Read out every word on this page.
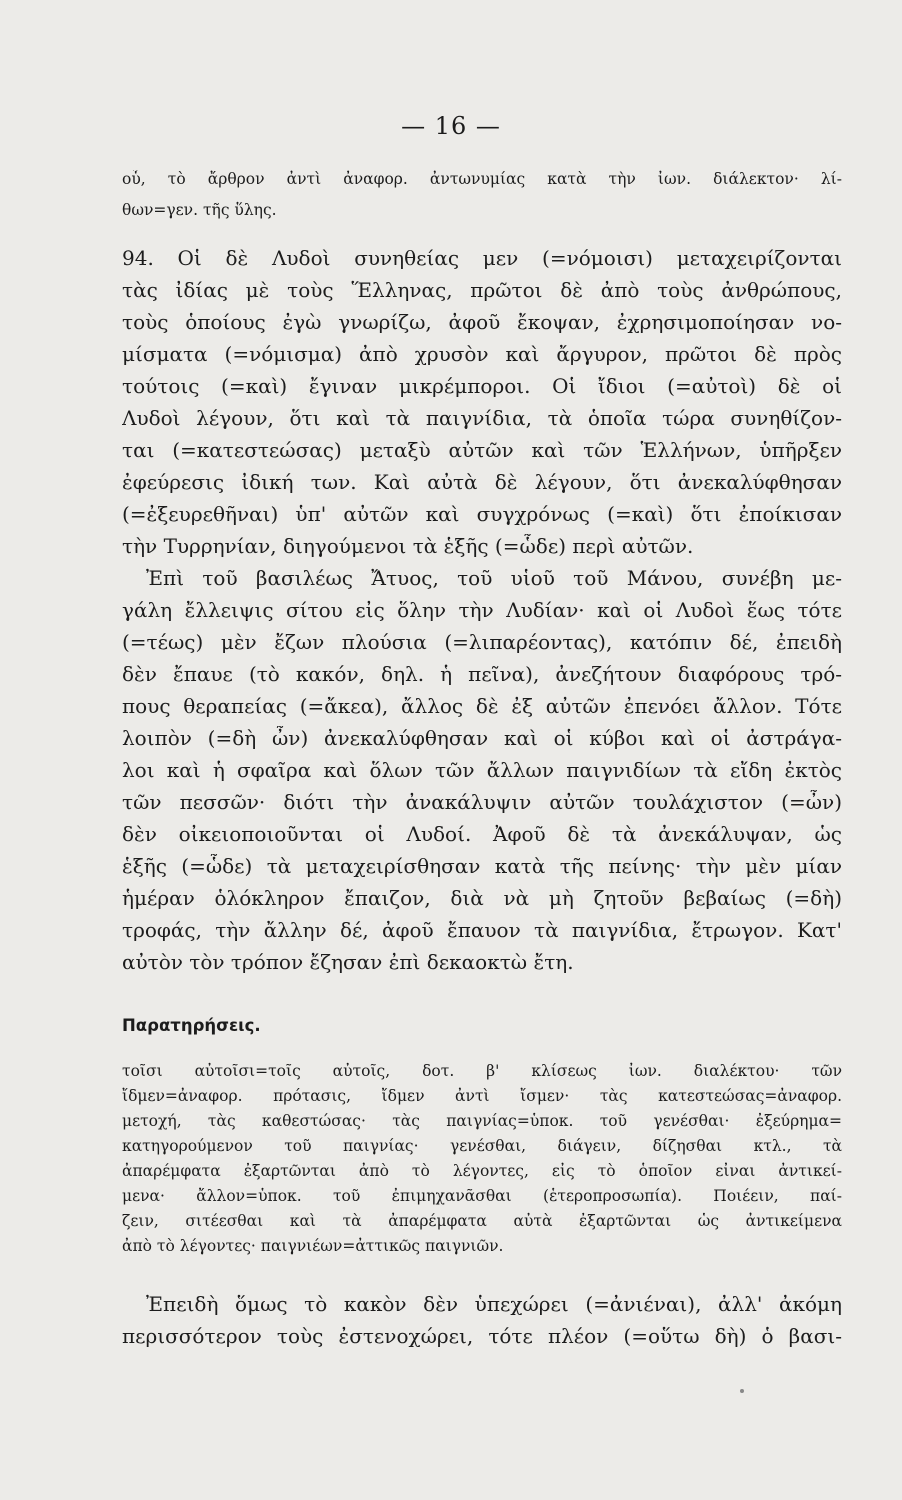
— 16 —
οὗ, τὸ ἄρθρον ἀντὶ ἀναφορ. ἀντωνυμίας κατὰ τὴν ἰων. διάλεκτον· λί-
θων=γεν. τῆς ὕλης.
94. Οἱ δὲ Λυδοὶ συνηθείας μεν (=νόμοισι) μεταχειρίζονται
τὰς ἰδίας μὲ τοὺς Ἕλληνας, πρῶτοι δὲ ἀπὸ τοὺς ἀνθρώπους,
τοὺς ὁποίους ἐγὼ γνωρίζω, ἀφοῦ ἔκοψαν, ἐχρησιμοποίησαν νο-
μίσματα (=νόμισμα) ἀπὸ χρυσὸν καὶ ἄργυρον, πρῶτοι δὲ πρὸς
τούτοις (=καὶ) ἔγιναν μικρέμποροι. Οἱ ἴδιοι (=αὐτοὶ) δὲ οἱ
Λυδοὶ λέγουν, ὅτι καὶ τὰ παιγνίδια, τὰ ὁποῖα τώρα συνηθίζον-
ται (=κατεστεώσας) μεταξὺ αὐτῶν καὶ τῶν Ἑλλήνων, ὑπῆρξεν
ἐφεύρεσις ἰδική των. Καὶ αὐτὰ δὲ λέγουν, ὅτι ἀνεκαλύφθησαν
(=ἐξευρεθῆναι) ὑπ' αὐτῶν καὶ συγχρόνως (=καὶ) ὅτι ἐποίκισαν
τὴν Τυρρηνίαν, διηγούμενοι τὰ ἑξῆς (=ὧδε) περὶ αὐτῶν.
Ἐπὶ τοῦ βασιλέως Ἄτυος, τοῦ υἱοῦ τοῦ Μάνου, συνέβη με-
γάλη ἔλλειψις σίτου εἰς ὅλην τὴν Λυδίαν· καὶ οἱ Λυδοὶ ἕως τότε
(=τέως) μὲν ἔζων πλούσια (=λιπαρέοντας), κατόπιν δέ, ἐπειδὴ
δὲν ἔπαυε (τὸ κακόν, δηλ. ἡ πεῖνα), ἀνεζήτουν διαφόρους τρό-
πους θεραπείας (=ἄκεα), ἄλλος δὲ ἐξ αὐτῶν ἐπενόει ἄλλον. Τότε
λοιπὸν (=δὴ ὦν) ἀνεκαλύφθησαν καὶ οἱ κύβοι καὶ οἱ ἀστράγα-
λοι καὶ ἡ σφαῖρα καὶ ὅλων τῶν ἄλλων παιγνιδίων τὰ εἴδη ἐκτὸς
τῶν πεσσῶν· διότι τὴν ἀνακάλυψιν αὐτῶν τουλάχιστον (=ὦν)
δὲν οἰκειοποιοῦνται οἱ Λυδοί. Ἀφοῦ δὲ τὰ ἀνεκάλυψαν, ὡς
ἑξῆς (=ὧδε) τὰ μεταχειρίσθησαν κατὰ τῆς πείνης· τὴν μὲν μίαν
ἡμέραν ὁλόκληρον ἔπαιζον, διὰ νὰ μὴ ζητοῦν βεβαίως (=δὴ)
τροφάς, τὴν ἄλλην δέ, ἀφοῦ ἔπαυον τὰ παιγνίδια, ἔτρωγον. Κατ'
αὐτὸν τὸν τρόπον ἔζησαν ἐπὶ δεκαοκτὼ ἔτη.
Παρατηρήσεις.
τοῖσι αὐτοῖσι=τοῖς αὐτοῖς, δοτ. β' κλίσεως ἰων. διαλέκτου· τῶν
ἴδμεν=ἀναφορ. πρότασις, ἴδμεν ἀντὶ ἴσμεν· τὰς κατεστεώσας=ἀναφορ.
μετοχή, τὰς καθεστώσας· τὰς παιγνίας=ὑποκ. τοῦ γενέσθαι· ἐξεύρημα=
κατηγορούμενον τοῦ παιγνίας· γενέσθαι, διάγειν, δίζησθαι κτλ., τὰ
ἀπαρέμφατα ἐξαρτῶνται ἀπὸ τὸ λέγοντες, εἰς τὸ ὁποῖον εἶναι ἀντικεί-
μενα· ἄλλον=ὑποκ. τοῦ ἐπιμηχανᾶσθαι (ἑτεροπροσωπία). Ποιέειν, παί-
ζειν, σιτέεσθαι καὶ τὰ ἀπαρέμφατα αὐτὰ ἐξαρτῶνται ὡς ἀντικείμενα
ἀπὸ τὸ λέγοντες· παιγνιέων=ἀττικῶς παιγνιῶν.
Ἐπειδὴ ὅμως τὸ κακὸν δὲν ὑπεχώρει (=ἀνιέναι), ἀλλ' ἀκόμη
περισσότερον τοὺς ἐστενοχώρει, τότε πλέον (=οὕτω δὴ) ὁ βασι-
